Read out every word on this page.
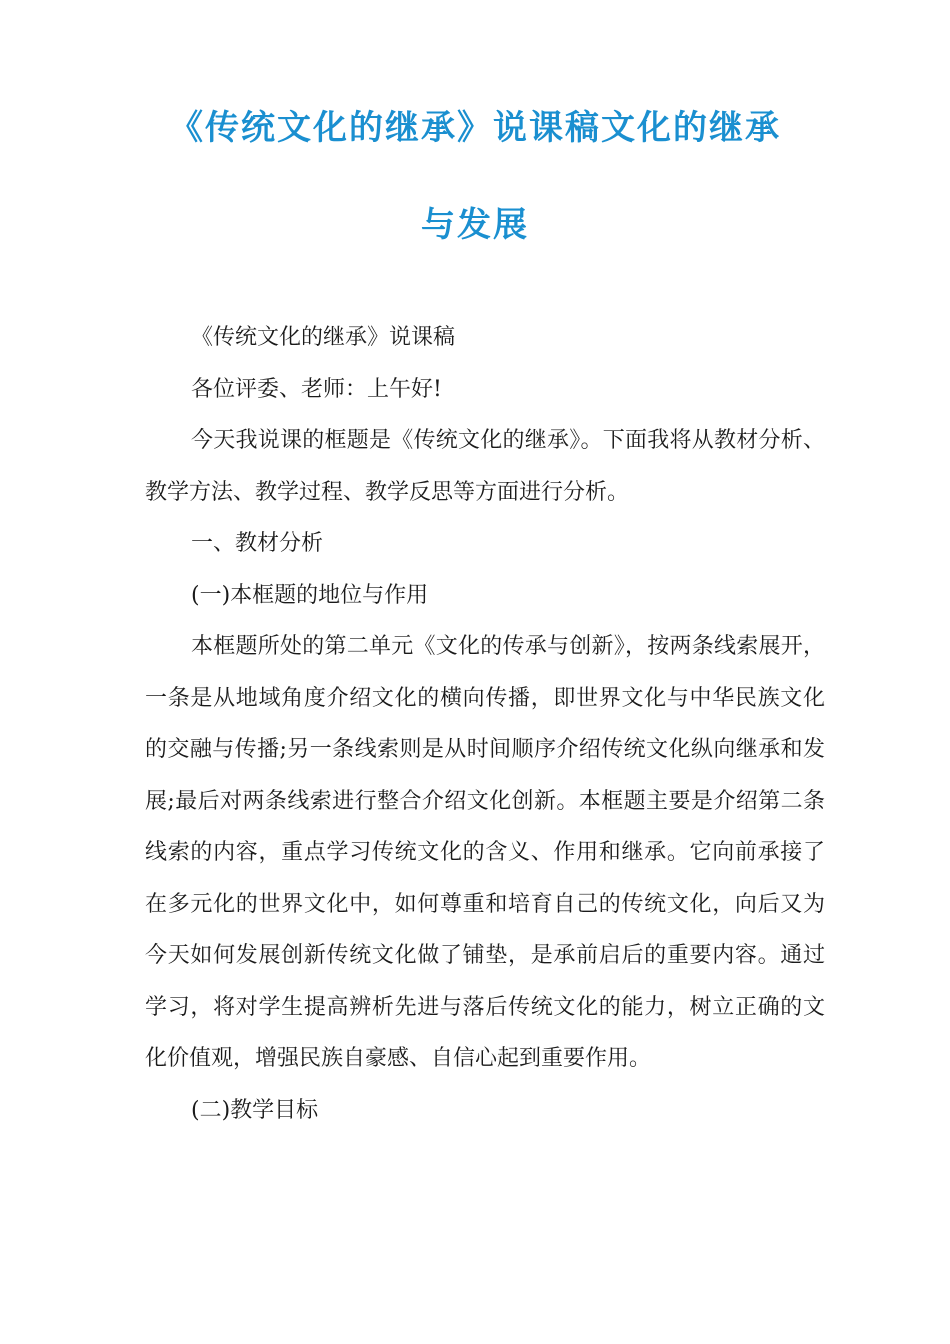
《传统文化的继承》说课稿文化的继承
与发展

《传统文化的继承》说课稿

各位评委、老师：上午好!

今天我说课的框题是《传统文化的继承》。下面我将从教材分析、教学方法、教学过程、教学反思等方面进行分析。

一、教材分析

(一)本框题的地位与作用

本框题所处的第二单元《文化的传承与创新》，按两条线索展开，一条是从地域角度介绍文化的横向传播，即世界文化与中华民族文化的交融与传播;另一条线索则是从时间顺序介绍传统文化纵向继承和发展;最后对两条线索进行整合介绍文化创新。本框题主要是介绍第二条线索的内容，重点学习传统文化的含义、作用和继承。它向前承接了在多元化的世界文化中，如何尊重和培育自己的传统文化，向后又为今天如何发展创新传统文化做了铺垫，是承前启后的重要内容。通过学习，将对学生提高辨析先进与落后传统文化的能力，树立正确的文化价值观，增强民族自豪感、自信心起到重要作用。

(二)教学目标
